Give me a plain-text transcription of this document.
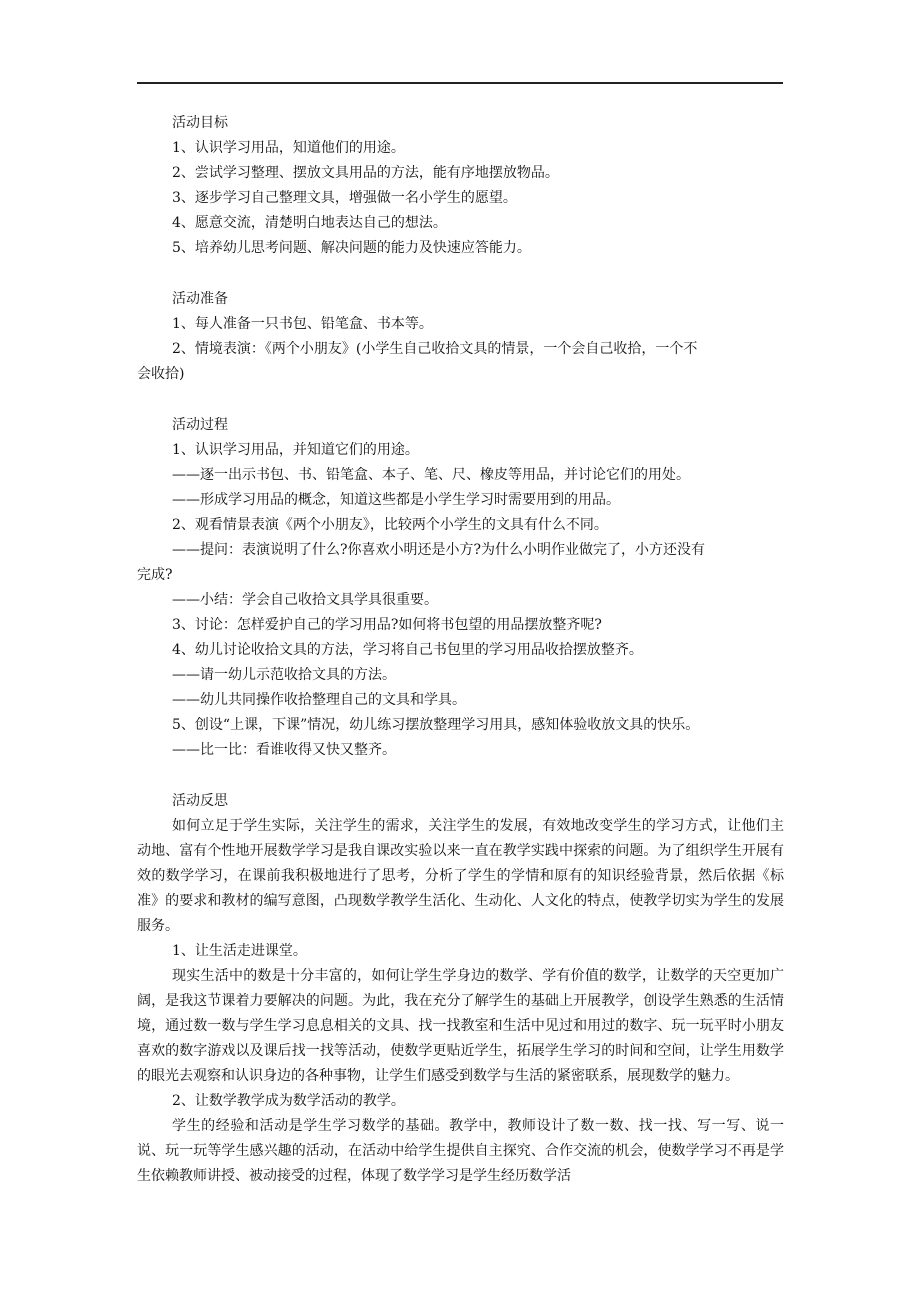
活动目标

1、认识学习用品，知道他们的用途。

2、尝试学习整理、摆放文具用品的方法，能有序地摆放物品。

3、逐步学习自己整理文具，增强做一名小学生的愿望。

4、愿意交流，清楚明白地表达自己的想法。

5、培养幼儿思考问题、解决问题的能力及快速应答能力。

活动准备

1、每人准备一只书包、铅笔盒、书本等。

2、情境表演：《两个小朋友》(小学生自己收拾文具的情景，一个会自己收拾，一个不

会收拾)

活动过程

1、认识学习用品，并知道它们的用途。

——逐一出示书包、书、铅笔盒、本子、笔、尺、橡皮等用品，并讨论它们的用处。

——形成学习用品的概念，知道这些都是小学生学习时需要用到的用品。

2、观看情景表演《两个小朋友》，比较两个小学生的文具有什么不同。

——提问：表演说明了什么?你喜欢小明还是小方?为什么小明作业做完了，小方还没有

完成?

——小结：学会自己收拾文具学具很重要。

3、讨论：怎样爱护自己的学习用品?如何将书包望的用品摆放整齐呢?

4、幼儿讨论收拾文具的方法，学习将自己书包里的学习用品收拾摆放整齐。

——请一幼儿示范收拾文具的方法。

——幼儿共同操作收拾整理自己的文具和学具。

5、创设“上课，下课”情况，幼儿练习摆放整理学习用具，感知体验收放文具的快乐。

——比一比：看谁收得又快又整齐。

活动反思

如何立足于学生实际，关注学生的需求，关注学生的发展，有效地改变学生的学习方式，让他们主动地、富有个性地开展数学学习是我自课改实验以来一直在教学实践中探索的问题。为了组织学生开展有效的数学学习，在课前我积极地进行了思考，分析了学生的学情和原有的知识经验背景，然后依据《标准》的要求和教材的编写意图，凸现数学教学生活化、生动化、人文化的特点，使教学切实为学生的发展服务。

1、让生活走进课堂。

现实生活中的数是十分丰富的，如何让学生学身边的数学、学有价值的数学，让数学的天空更加广阔，是我这节课着力要解决的问题。为此，我在充分了解学生的基础上开展教学，创设学生熟悉的生活情境，通过数一数与学生学习息息相关的文具、找一找教室和生活中见过和用过的数字、玩一玩平时小朋友喜欢的数字游戏以及课后找一找等活动，使数学更贴近学生，拓展学生学习的时间和空间，让学生用数学的眼光去观察和认识身边的各种事物，让学生们感受到数学与生活的紧密联系，展现数学的魅力。

2、让数学教学成为数学活动的教学。

学生的经验和活动是学生学习数学的基础。教学中，教师设计了数一数、找一找、写一写、说一说、玩一玩等学生感兴趣的活动，在活动中给学生提供自主探究、合作交流的机会，使数学学习不再是学生依赖教师讲授、被动接受的过程，体现了数学学习是学生经历数学活
